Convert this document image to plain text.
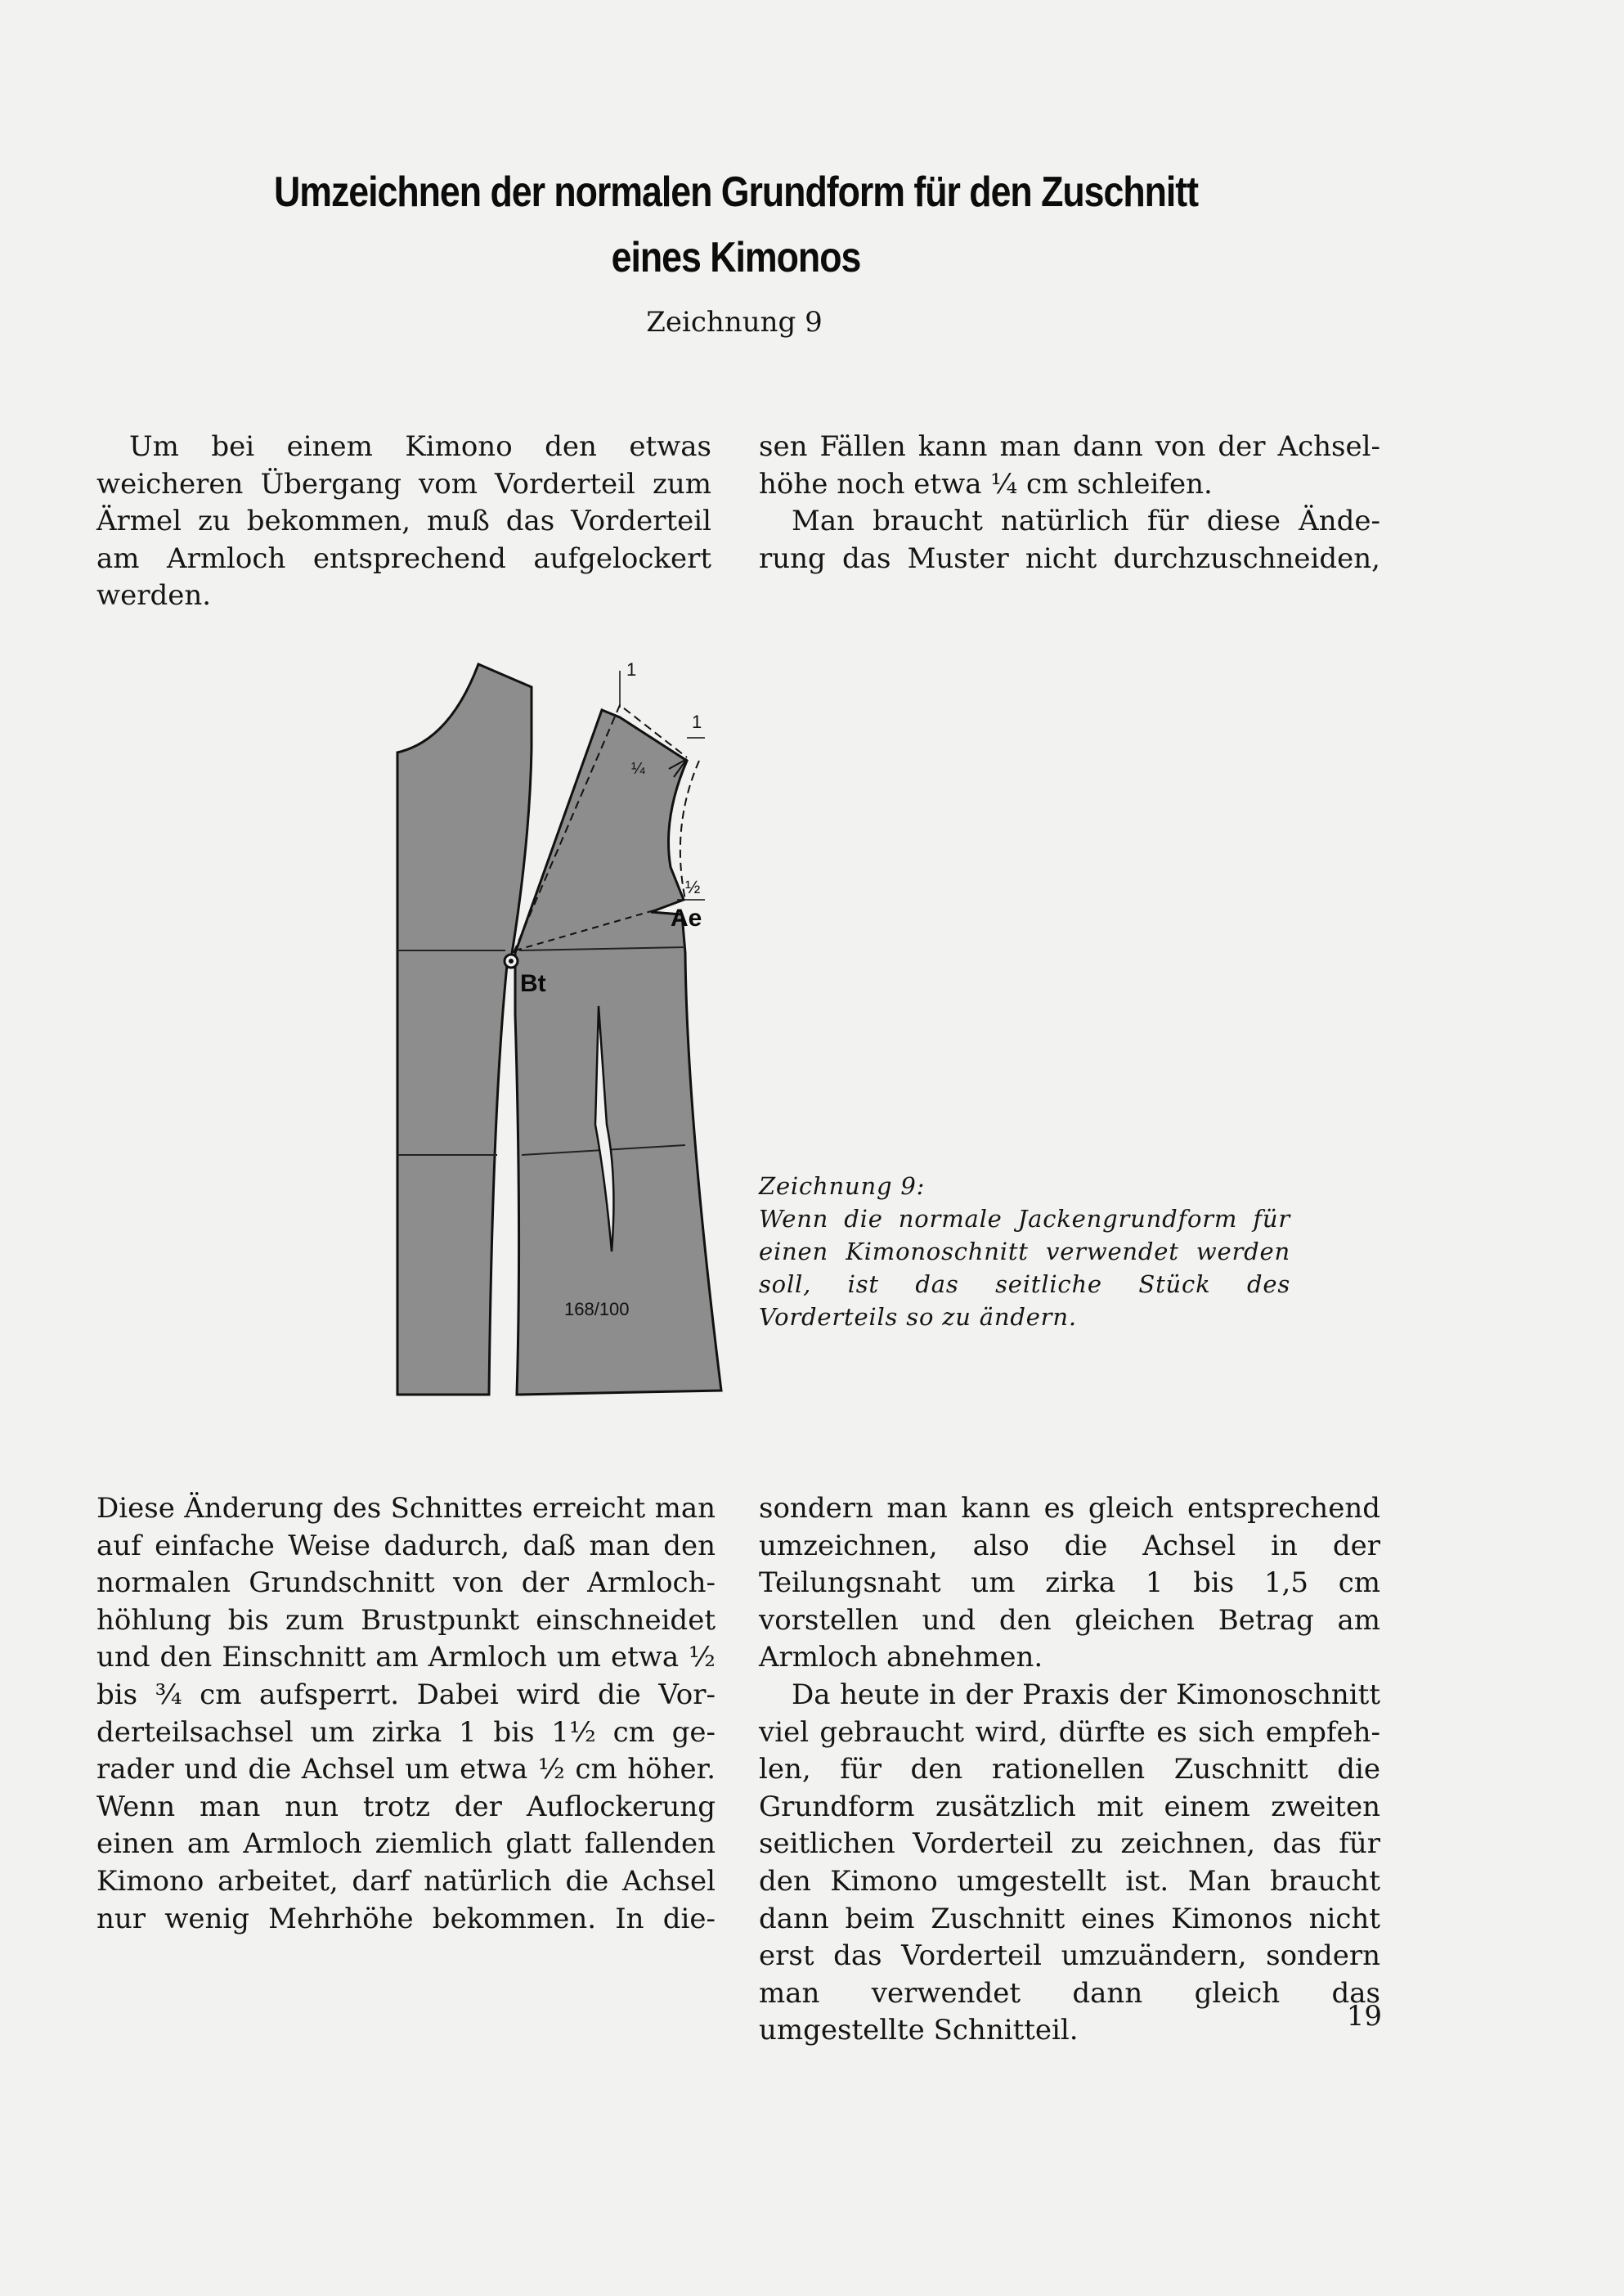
Umzeichnen der normalen Grundform für den Zuschnitt
eines Kimonos
Zeichnung 9

Um bei einem Kimono den etwas weicheren Übergang vom Vorderteil zum Ärmel zu bekommen, muß das Vorderteil am Armloch entsprechend aufgelockert werden.

sen Fällen kann man dann von der Achselhöhe noch etwa ¼ cm schleifen.

Man braucht natürlich für diese Änderung das Muster nicht durchzuschneiden,

Bt
Ae
168/100
1
1
½
¼
Zeichnung 9:
Wenn die normale Jackengrundform für einen Kimonoschnitt verwendet werden soll, ist das seitliche Stück des Vorderteils so zu ändern.

Diese Änderung des Schnittes erreicht man auf einfache Weise dadurch, daß man den normalen Grundschnitt von der Armlochhöhlung bis zum Brustpunkt einschneidet und den Einschnitt am Armloch um etwa ½ bis ¾ cm aufsperrt. Dabei wird die Vorderteilsachsel um zirka 1 bis 1½ cm gerader und die Achsel um etwa ½ cm höher. Wenn man nun trotz der Auflockerung einen am Armloch ziemlich glatt fallenden Kimono arbeitet, darf natürlich die Achsel nur wenig Mehrhöhe bekommen. In die-

sondern man kann es gleich entsprechend umzeichnen, also die Achsel in der Teilungsnaht um zirka 1 bis 1,5 cm vorstellen und den gleichen Betrag am Armloch abnehmen.

Da heute in der Praxis der Kimonoschnitt viel gebraucht wird, dürfte es sich empfehlen, für den rationellen Zuschnitt die Grundform zusätzlich mit einem zweiten seitlichen Vorderteil zu zeichnen, das für den Kimono umgestellt ist. Man braucht dann beim Zuschnitt eines Kimonos nicht erst das Vorderteil umzuändern, sondern man verwendet dann gleich das umgestellte Schnitteil.	19
